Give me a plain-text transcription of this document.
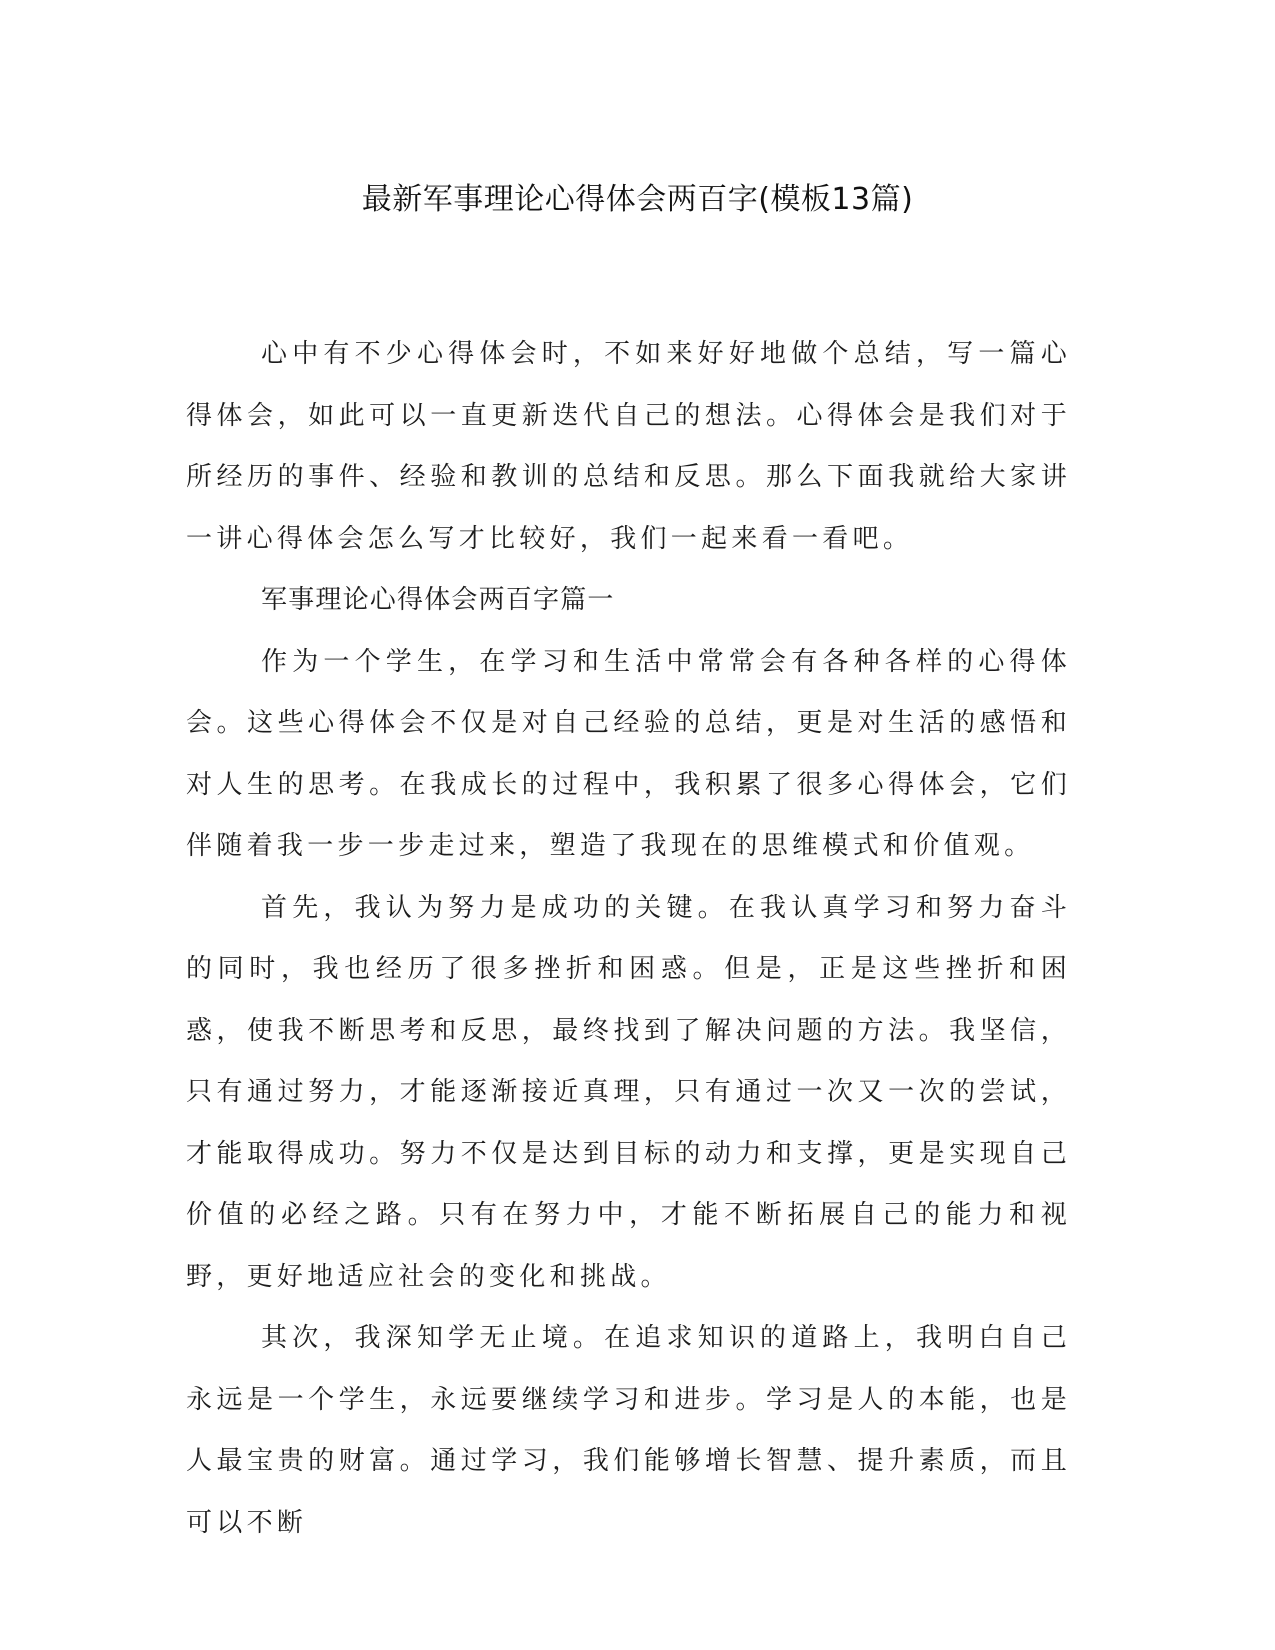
最新军事理论心得体会两百字(模板13篇)

心中有不少心得体会时，不如来好好地做个总结，写一篇心得体会，如此可以一直更新迭代自己的想法。心得体会是我们对于所经历的事件、经验和教训的总结和反思。那么下面我就给大家讲一讲心得体会怎么写才比较好，我们一起来看一看吧。

军事理论心得体会两百字篇一

作为一个学生，在学习和生活中常常会有各种各样的心得体会。这些心得体会不仅是对自己经验的总结，更是对生活的感悟和对人生的思考。在我成长的过程中，我积累了很多心得体会，它们伴随着我一步一步走过来，塑造了我现在的思维模式和价值观。

首先，我认为努力是成功的关键。在我认真学习和努力奋斗的同时，我也经历了很多挫折和困惑。但是，正是这些挫折和困惑，使我不断思考和反思，最终找到了解决问题的方法。我坚信，只有通过努力，才能逐渐接近真理，只有通过一次又一次的尝试，才能取得成功。努力不仅是达到目标的动力和支撑，更是实现自己价值的必经之路。只有在努力中，才能不断拓展自己的能力和视野，更好地适应社会的变化和挑战。

其次，我深知学无止境。在追求知识的道路上，我明白自己永远是一个学生，永远要继续学习和进步。学习是人的本能，也是人最宝贵的财富。通过学习，我们能够增长智慧、提升素质，而且可以不断
